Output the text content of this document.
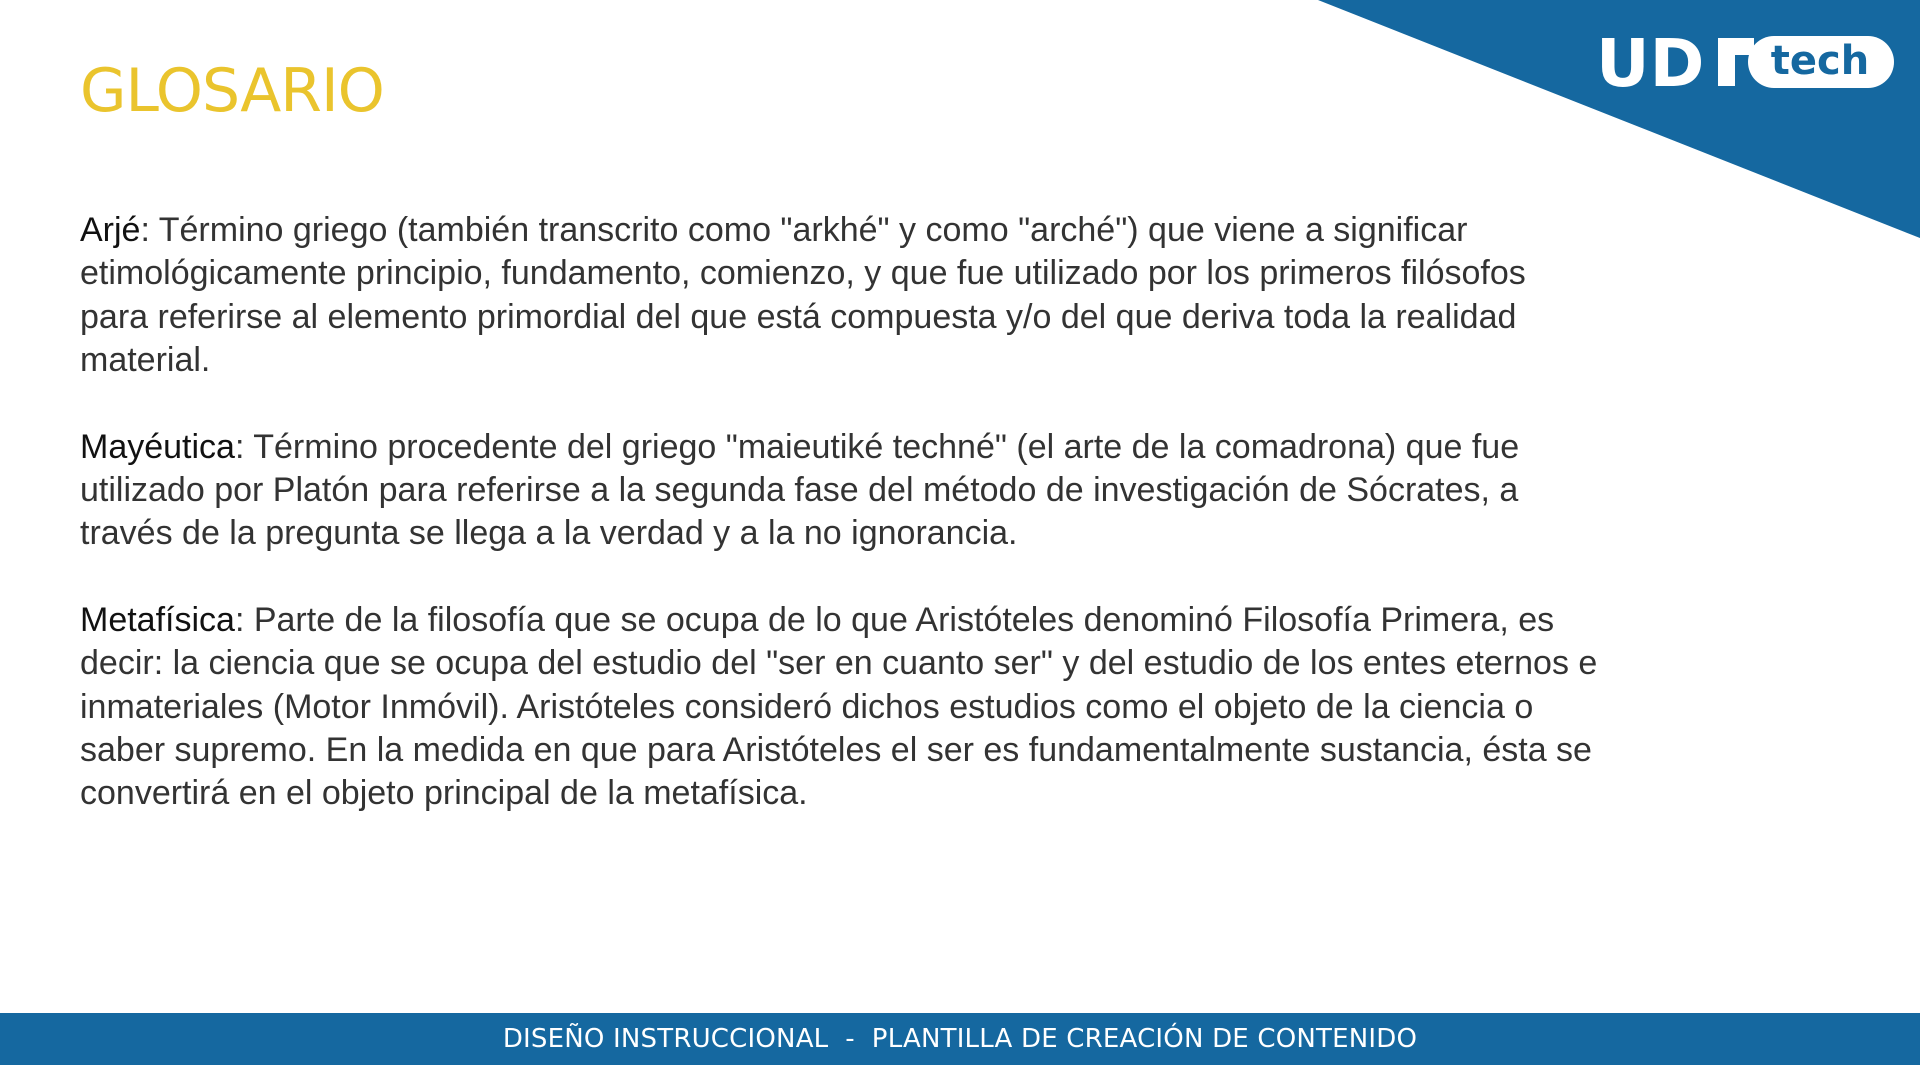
UD tech
GLOSARIO

Arjé: Término griego (también transcrito como "arkhé" y como "arché") que viene a significar etimológicamente principio, fundamento, comienzo, y que fue utilizado por los primeros filósofos para referirse al elemento primordial del que está compuesta y/o del que deriva toda la realidad material.

Mayéutica: Término procedente del griego "maieutiké techné" (el arte de la comadrona) que fue utilizado por Platón para referirse a la segunda fase del método de investigación de Sócrates, a través de la pregunta se llega a la verdad y a la no ignorancia.

Metafísica: Parte de la filosofía que se ocupa de lo que Aristóteles denominó Filosofía Primera, es decir: la ciencia que se ocupa del estudio del "ser en cuanto ser" y del estudio de los entes eternos e inmateriales (Motor Inmóvil). Aristóteles consideró dichos estudios como el objeto de la ciencia o saber supremo. En la medida en que para Aristóteles el ser es fundamentalmente sustancia, ésta se convertirá en el objeto principal de la metafísica.

DISEÑO INSTRUCCIONAL  -  PLANTILLA DE CREACIÓN DE CONTENIDO
